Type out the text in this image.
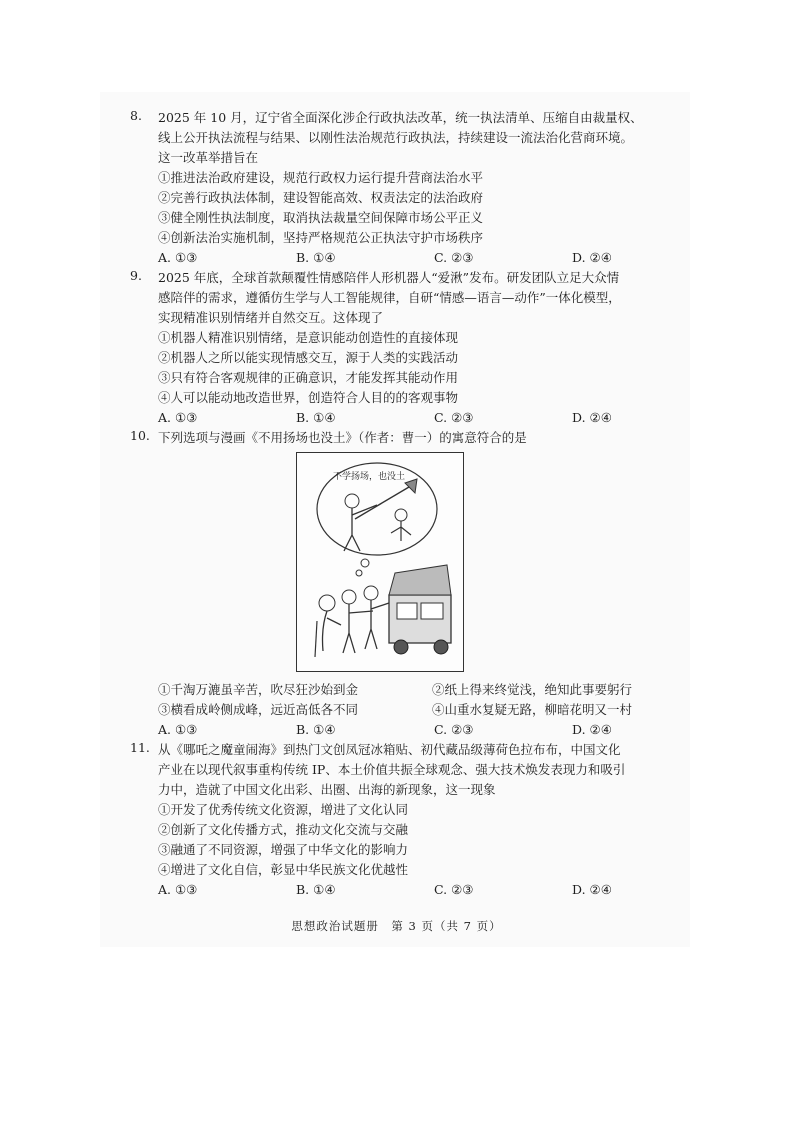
8. 2025 年 10 月，辽宁省全面深化涉企行政执法改革，统一执法清单、压缩自由裁量权、
线上公开执法流程与结果、以刚性法治规范行政执法，持续建设一流法治化营商环境。
这一改革举措旨在
①推进法治政府建设，规范行政权力运行提升营商法治水平
②完善行政执法体制，建设智能高效、权责法定的法治政府
③健全刚性执法制度，取消执法裁量空间保障市场公平正义
④创新法治实施机制，坚持严格规范公正执法守护市场秩序
A. ①③	B. ①④	C. ②③	D. ②④
9. 2025 年底，全球首款颠覆性情感陪伴人形机器人“爱湫”发布。研发团队立足大众情
感陪伴的需求，遵循仿生学与人工智能规律，自研“情感—语言—动作”一体化模型，
实现精准识别情绪并自然交互。这体现了
①机器人精准识别情绪，是意识能动创造性的直接体现
②机器人之所以能实现情感交互，源于人类的实践活动
③只有符合客观规律的正确意识，才能发挥其能动作用
④人可以能动地改造世界，创造符合人目的的客观事物
A. ①③	B. ①④	C. ②③	D. ②④
10. 下列选项与漫画《不用扬场也没土》（作者：曹一）的寓意符合的是
不学扬场，也没土
①千淘万漉虽辛苦，吹尽狂沙始到金	②纸上得来终觉浅，绝知此事要躬行
③横看成岭侧成峰，远近高低各不同	④山重水复疑无路，柳暗花明又一村
A. ①③	B. ①④	C. ②③	D. ②④
11. 从《哪吒之魔童闹海》到热门文创凤冠冰箱贴、初代藏品级薄荷色拉布布，中国文化
产业在以现代叙事重构传统 IP、本土价值共振全球观念、强大技术焕发表现力和吸引
力中，造就了中国文化出彩、出圈、出海的新现象，这一现象
①开发了优秀传统文化资源，增进了文化认同
②创新了文化传播方式，推动文化交流与交融
③融通了不同资源，增强了中华文化的影响力
④增进了文化自信，彰显中华民族文化优越性
A. ①③	B. ①④	C. ②③	D. ②④
思想政治试题册　第 3 页（共 7 页）
